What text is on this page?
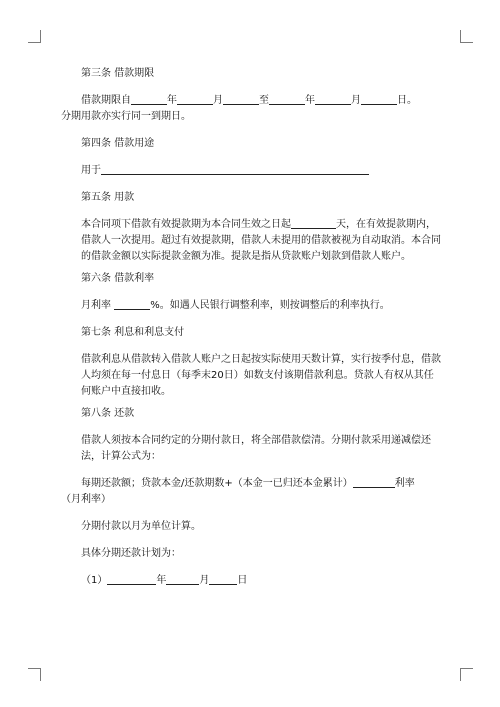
第三条 借款期限

借款期限自	年	月	至	年	月	日。

分期用款亦实行同一到期日。

第四条 借款用途

用于

第五条 用款

本合同项下借款有效提款期为本合同生效之日起	天，在有效提款期内，借款人一次提用。超过有效提款期，借款人未提用的借款被视为自动取消。本合同的借款金额以实际提款金额为准。提款是指从贷款账户划款到借款人账户。

第六条 借款利率

月利率	%。如遇人民银行调整利率，则按调整后的利率执行。

第七条 利息和利息支付

借款利息从借款转入借款人账户之日起按实际使用天数计算，实行按季付息，借款人均须在每一付息日（每季末20日）如数支付该期借款利息。贷款人有权从其任何账户中直接扣收。

第八条 还款

借款人须按本合同约定的分期付款日，将全部借款偿清。分期付款采用递减偿还法，计算公式为：

每期还款额；贷款本金/还款期数+（本金一已归还本金累计）	利率

（月利率）

分期付款以月为单位计算。

具体分期还款计划为：

（1）	年	月	日
